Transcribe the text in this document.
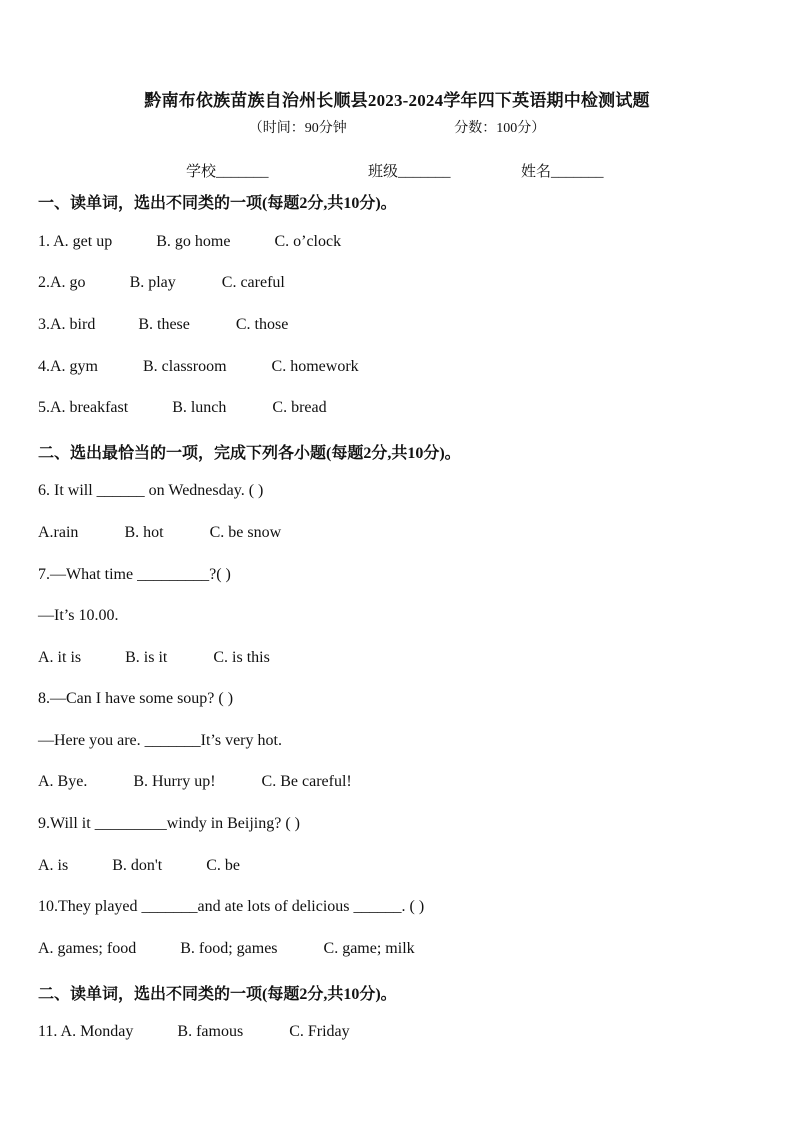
黔南布依族苗族自治州长顺县2023-2024学年四下英语期中检测试题
（时间：90分钟	分数：100分）
学校_______	班级_______	姓名_______
一、读单词，选出不同类的一项(每题2分,共10分)。
1. A. get up	B. go home	C. o’clock
2.A. go	B. play	C. careful
3.A. bird	B. these	C. those
4.A. gym	B. classroom	C. homework
5.A. breakfast	B. lunch	C. bread
二、选出最恰当的一项，完成下列各小题(每题2分,共10分)。
6. It will ______ on Wednesday. ( )
A.rain	B. hot	C. be snow
7.—What time _________?( )
—It’s 10.00.
A. it is	B. is it	C. is this
8.—Can I have some soup? ( )
—Here you are. _______It’s very hot.
A. Bye.	B. Hurry up!	C. Be careful!
9.Will it _________windy in Beijing? ( )
A. is	B. don't	C. be
10.They played _______and ate lots of delicious ______. ( )
A. games; food	B. food; games	C. game; milk
二、读单词，选出不同类的一项(每题2分,共10分)。
11. A. Monday	B. famous	C. Friday
